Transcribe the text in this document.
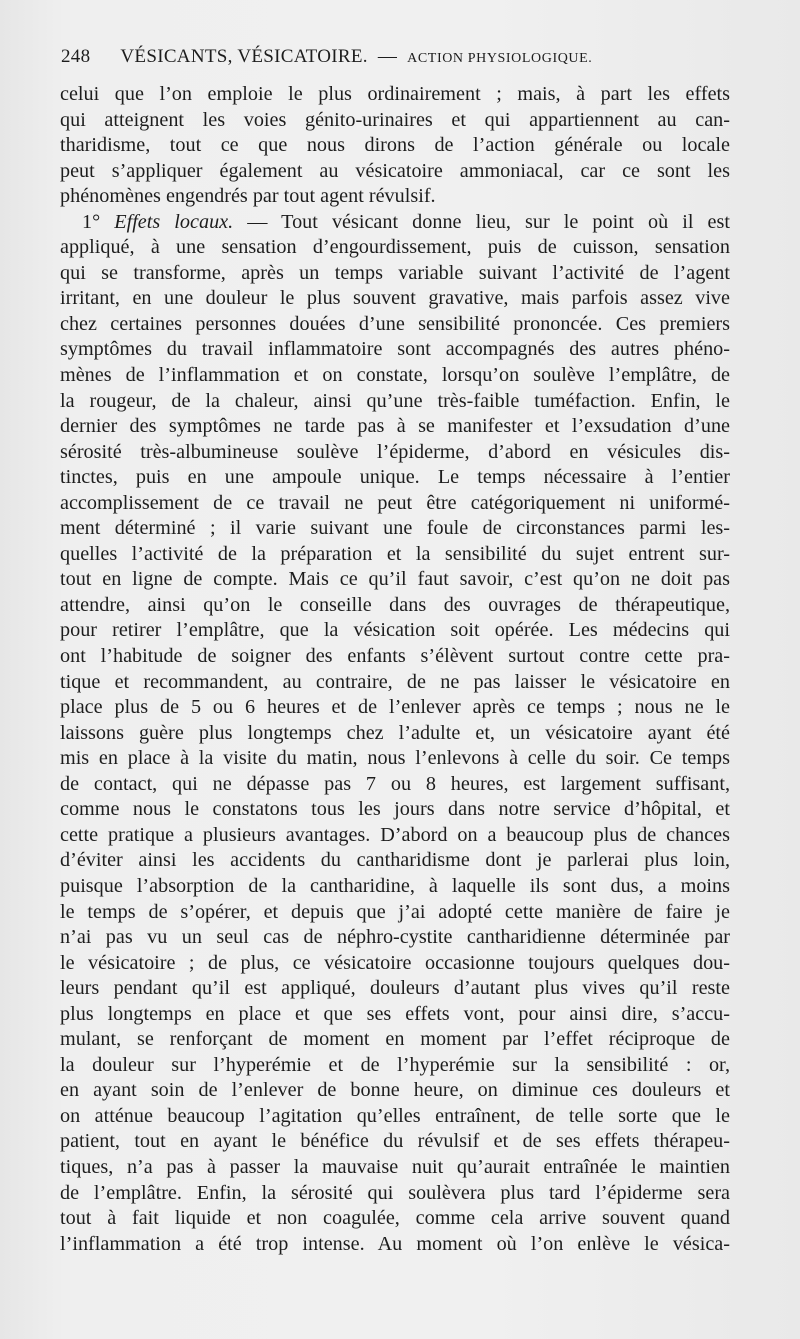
248 VÉSICANTS, VÉSICATOIRE. — ACTION PHYSIOLOGIQUE.
celui que l’on emploie le plus ordinairement ; mais, à part les effets
qui atteignent les voies génito-urinaires et qui appartiennent au can-
tharidisme, tout ce que nous dirons de l’action générale ou locale
peut s’appliquer également au vésicatoire ammoniacal, car ce sont les
phénomènes engendrés par tout agent révulsif.
1° Effets locaux. — Tout vésicant donne lieu, sur le point où il est
appliqué, à une sensation d’engourdissement, puis de cuisson, sensation
qui se transforme, après un temps variable suivant l’activité de l’agent
irritant, en une douleur le plus souvent gravative, mais parfois assez vive
chez certaines personnes douées d’une sensibilité prononcée. Ces premiers
symptômes du travail inflammatoire sont accompagnés des autres phéno-
mènes de l’inflammation et on constate, lorsqu’on soulève l’emplâtre, de
la rougeur, de la chaleur, ainsi qu’une très-faible tuméfaction. Enfin, le
dernier des symptômes ne tarde pas à se manifester et l’exsudation d’une
sérosité très-albumineuse soulève l’épiderme, d’abord en vésicules dis-
tinctes, puis en une ampoule unique. Le temps nécessaire à l’entier
accomplissement de ce travail ne peut être catégoriquement ni uniformé-
ment déterminé ; il varie suivant une foule de circonstances parmi les-
quelles l’activité de la préparation et la sensibilité du sujet entrent sur-
tout en ligne de compte. Mais ce qu’il faut savoir, c’est qu’on ne doit pas
attendre, ainsi qu’on le conseille dans des ouvrages de thérapeutique,
pour retirer l’emplâtre, que la vésication soit opérée. Les médecins qui
ont l’habitude de soigner des enfants s’élèvent surtout contre cette pra-
tique et recommandent, au contraire, de ne pas laisser le vésicatoire en
place plus de 5 ou 6 heures et de l’enlever après ce temps ; nous ne le
laissons guère plus longtemps chez l’adulte et, un vésicatoire ayant été
mis en place à la visite du matin, nous l’enlevons à celle du soir. Ce temps
de contact, qui ne dépasse pas 7 ou 8 heures, est largement suffisant,
comme nous le constatons tous les jours dans notre service d’hôpital, et
cette pratique a plusieurs avantages. D’abord on a beaucoup plus de chances
d’éviter ainsi les accidents du cantharidisme dont je parlerai plus loin,
puisque l’absorption de la cantharidine, à laquelle ils sont dus, a moins
le temps de s’opérer, et depuis que j’ai adopté cette manière de faire je
n’ai pas vu un seul cas de néphro-cystite cantharidienne déterminée par
le vésicatoire ; de plus, ce vésicatoire occasionne toujours quelques dou-
leurs pendant qu’il est appliqué, douleurs d’autant plus vives qu’il reste
plus longtemps en place et que ses effets vont, pour ainsi dire, s’accu-
mulant, se renforçant de moment en moment par l’effet réciproque de
la douleur sur l’hyperémie et de l’hyperémie sur la sensibilité : or,
en ayant soin de l’enlever de bonne heure, on diminue ces douleurs et
on atténue beaucoup l’agitation qu’elles entraînent, de telle sorte que le
patient, tout en ayant le bénéfice du révulsif et de ses effets thérapeu-
tiques, n’a pas à passer la mauvaise nuit qu’aurait entraînée le maintien
de l’emplâtre. Enfin, la sérosité qui soulèvera plus tard l’épiderme sera
tout à fait liquide et non coagulée, comme cela arrive souvent quand
l’inflammation a été trop intense. Au moment où l’on enlève le vésica-
